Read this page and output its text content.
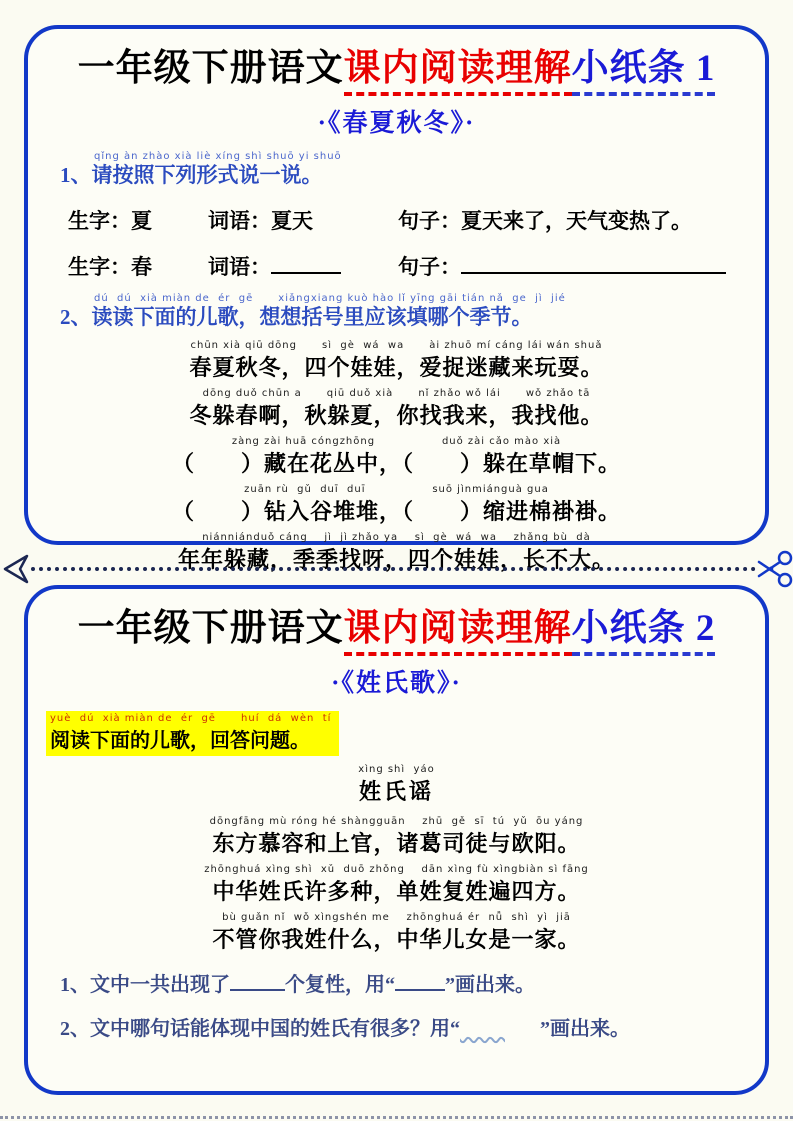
一年级下册语文课内阅读理解小纸条 1
·《春夏秋冬》·
qǐng àn zhào xià liè xíng shì shuō yi shuō
1、请按照下列形式说一说。
生字：夏	词语：夏天	句子：夏天来了，天气变热了。
生字：春	词语：	句子：
dú  dú  xià miàn de  ér  gē      xiǎngxiang kuò hào lǐ yīng gāi tián nǎ  ge  jì  jié
2、读读下面的儿歌，想想括号里应该填哪个季节。
chūn xià qiū dōng      sì  gè  wá  wa      ài zhuō mí cáng lái wán shuǎ
春夏秋冬，四个娃娃，爱捉迷藏来玩耍。
dōng duǒ chūn a      qiū duǒ xià      nǐ zhǎo wǒ lái      wǒ zhǎo tā
冬躲春啊，秋躲夏，你找我来，我找他。
zàng zài huā cóngzhōng                duǒ zài cǎo mào xià
（　　）藏在花丛中，（　　）躲在草帽下。
zuān rù  gǔ  duī  duī                suō jìnmiánguà gua
（　　）钻入谷堆堆，（　　）缩进棉褂褂。
niánniánduǒ cáng    jì  jì zhǎo ya    sì  gè  wá  wa    zhǎng bù  dà
年年躲藏，季季找呀，四个娃娃，长不大。
一年级下册语文课内阅读理解小纸条 2
·《姓氏歌》·
yuè  dú  xià miàn de  ér  gē      huí  dá  wèn  tí
阅读下面的儿歌，回答问题。
xìng shì  yáo
姓氏谣
dōngfāng mù róng hé shàngguān    zhū  gě  sī  tú  yǔ  ōu yáng
东方慕容和上官，诸葛司徒与欧阳。
zhōnghuá xìng shì  xǔ  duō zhǒng    dān xìng fù xìngbiàn sì fāng
中华姓氏许多种，单姓复姓遍四方。
bù guǎn nǐ  wǒ xìngshén me    zhōnghuá ér  nǚ  shì  yì  jiā
不管你我姓什么，中华儿女是一家。
1、文中一共出现了	个复性，用“	”画出来。
2、文中哪句话能体现中国的姓氏有很多？用“	”画出来。
